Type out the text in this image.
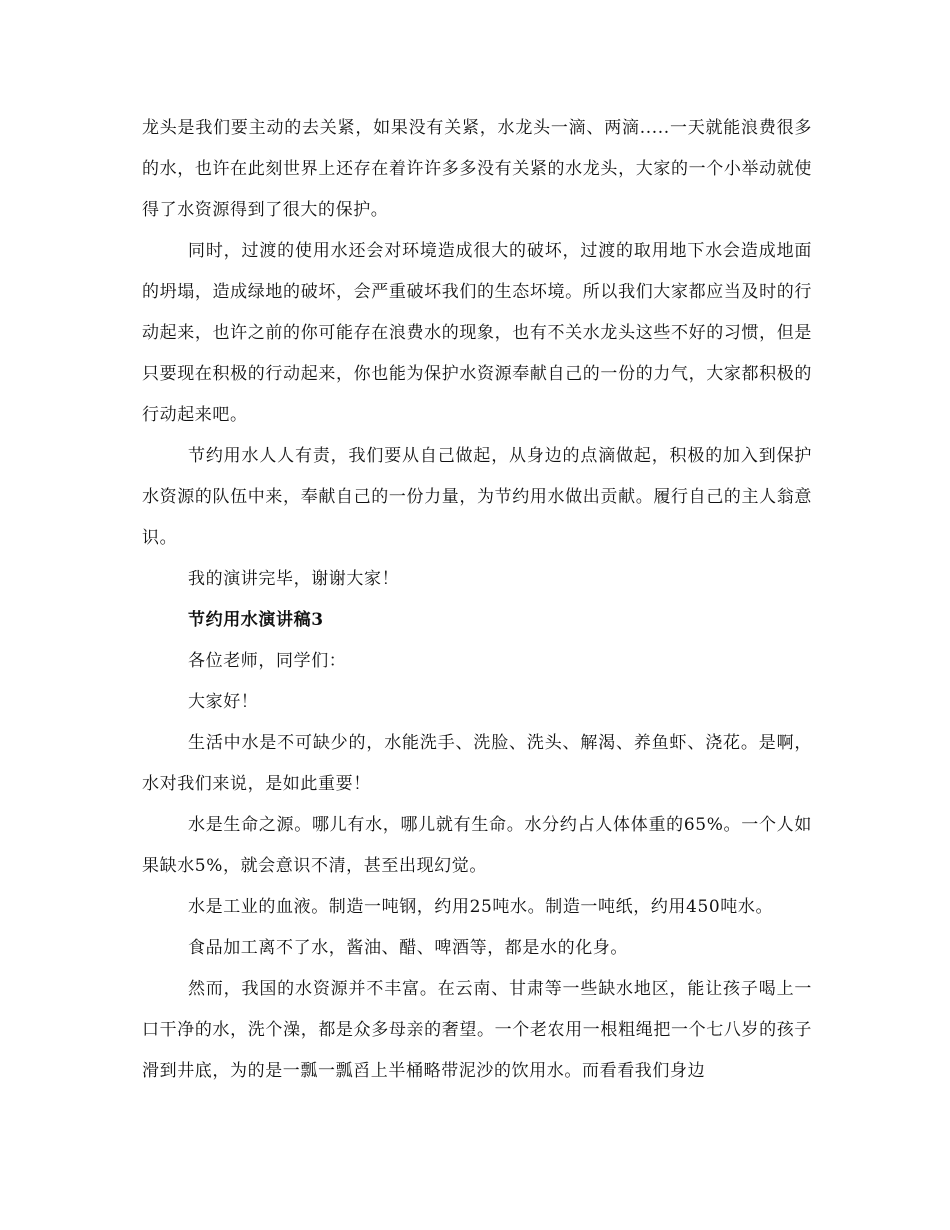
龙头是我们要主动的去关紧，如果没有关紧，水龙头一滴、两滴.....一天就能浪费很多的水，也许在此刻世界上还存在着许许多多没有关紧的水龙头，大家的一个小举动就使得了水资源得到了很大的保护。

同时，过渡的使用水还会对环境造成很大的破坏，过渡的取用地下水会造成地面的坍塌，造成绿地的破坏，会严重破坏我们的生态坏境。所以我们大家都应当及时的行动起来，也许之前的你可能存在浪费水的现象，也有不关水龙头这些不好的习惯，但是只要现在积极的行动起来，你也能为保护水资源奉献自己的一份的力气，大家都积极的行动起来吧。

节约用水人人有责，我们要从自己做起，从身边的点滴做起，积极的加入到保护水资源的队伍中来，奉献自己的一份力量，为节约用水做出贡献。履行自己的主人翁意识。

我的演讲完毕，谢谢大家！

节约用水演讲稿3

各位老师，同学们：

大家好！

生活中水是不可缺少的，水能洗手、洗脸、洗头、解渴、养鱼虾、浇花。是啊，水对我们来说，是如此重要！

水是生命之源。哪儿有水，哪儿就有生命。水分约占人体体重的65%。一个人如果缺水5%，就会意识不清，甚至出现幻觉。

水是工业的血液。制造一吨钢，约用25吨水。制造一吨纸，约用450吨水。

食品加工离不了水，酱油、醋、啤酒等，都是水的化身。

然而，我国的水资源并不丰富。在云南、甘肃等一些缺水地区，能让孩子喝上一口干净的水，洗个澡，都是众多母亲的奢望。一个老农用一根粗绳把一个七八岁的孩子滑到井底，为的是一瓢一瓢舀上半桶略带泥沙的饮用水。而看看我们身边
